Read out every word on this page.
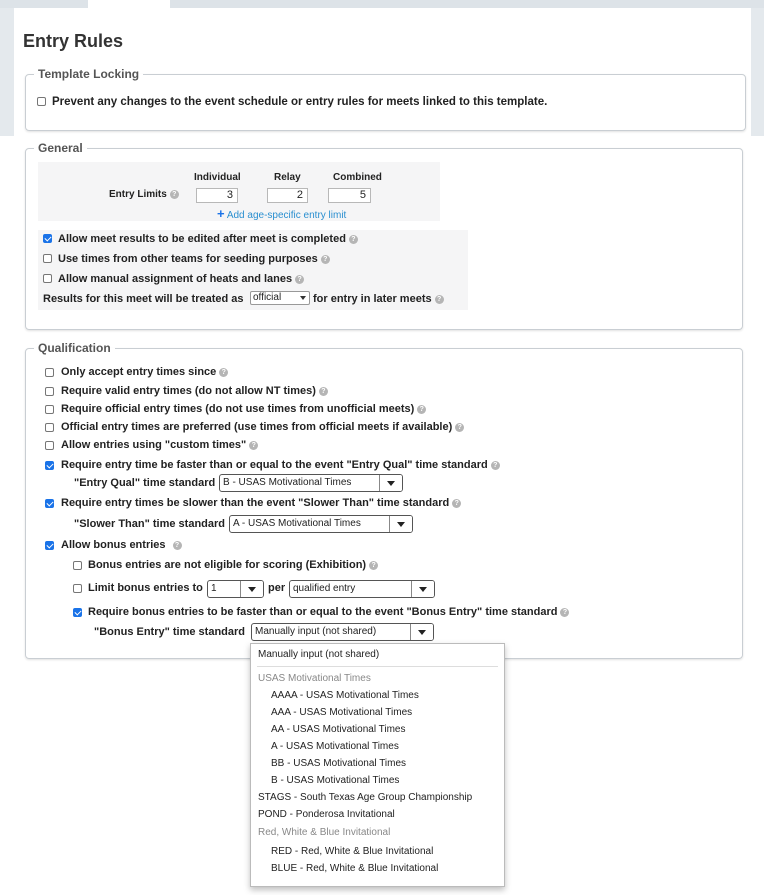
Entry Rules
Template Locking
Prevent any changes to the event schedule or entry rules for meets linked to this template.
General
Individual	Relay	Combined
Entry Limits ?	3	2	5
+ Add age-specific entry limit
Allow meet results to be edited after meet is completed ?
Use times from other teams for seeding purposes ?
Allow manual assignment of heats and lanes ?
Results for this meet will be treated as official	for entry in later meets ?
Qualification
Only accept entry times since ?
Require valid entry times (do not allow NT times) ?
Require official entry times (do not use times from unofficial meets) ?
Official entry times are preferred (use times from official meets if available) ?
Allow entries using "custom times" ?
Require entry time be faster than or equal to the event "Entry Qual" time standard ?
"Entry Qual" time standard B - USAS Motivational Times
Require entry times be slower than the event "Slower Than" time standard ?
"Slower Than" time standard A - USAS Motivational Times
Allow bonus entries ?
Bonus entries are not eligible for scoring (Exhibition) ?
Limit bonus entries to 1	per qualified entry
Require bonus entries to be faster than or equal to the event "Bonus Entry" time standard ?
"Bonus Entry" time standard Manually input (not shared)
Manually input (not shared)
USAS Motivational Times
AAAA - USAS Motivational Times
AAA - USAS Motivational Times
AA - USAS Motivational Times
A - USAS Motivational Times
BB - USAS Motivational Times
B - USAS Motivational Times
STAGS - South Texas Age Group Championship
POND - Ponderosa Invitational
Red, White & Blue Invitational
RED - Red, White & Blue Invitational
BLUE - Red, White & Blue Invitational
